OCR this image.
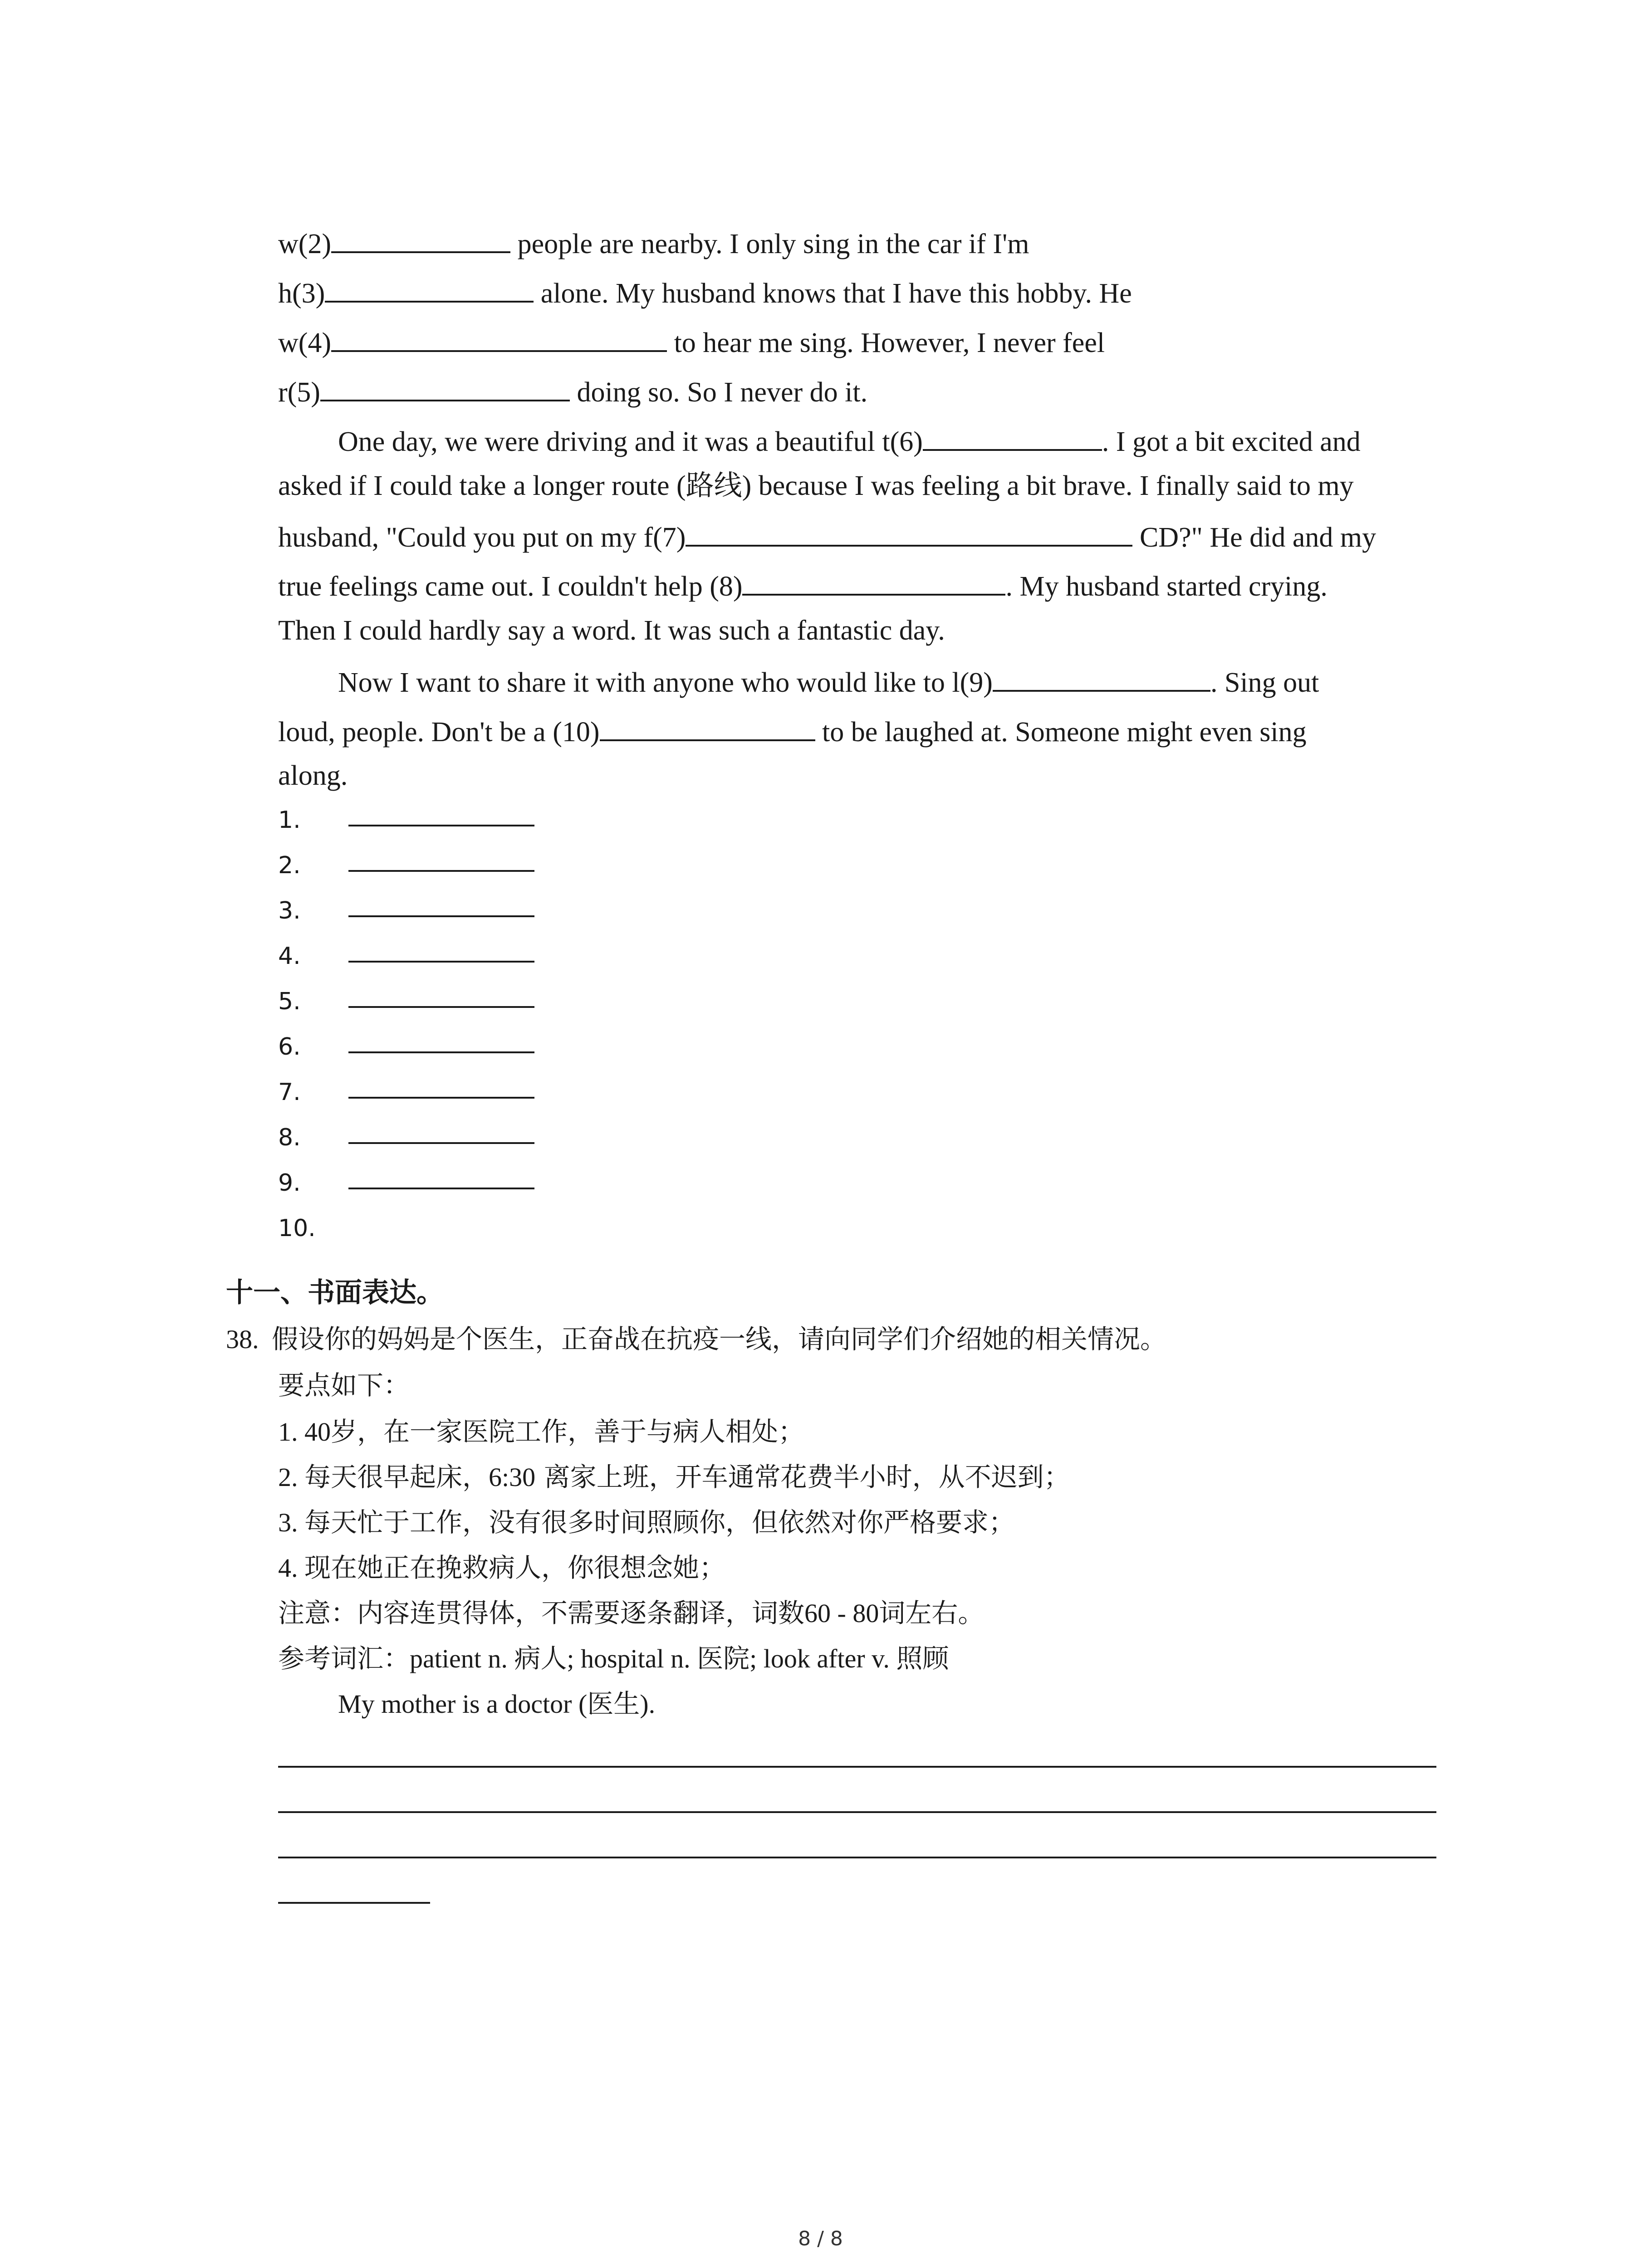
w(2)	people are nearby. I only sing in the car if I'm
h(3)	alone. My husband knows that I have this hobby. He
w(4)	to hear me sing. However, I never feel
r(5)	doing so. So I never do it.
One day, we were driving and it was a beautiful t(6)	. I got a bit excited and
asked if I could take a longer route (路线) because I was feeling a bit brave. I finally said to my
husband, "Could you put on my f(7)	CD?" He did and my
true feelings came out. I couldn't help (8)	. My husband started crying.
Then I could hardly say a word. It was such a fantastic day.
Now I want to share it with anyone who would like to l(9)	. Sing out
loud, people. Don't be a (10)	to be laughed at. Someone might even sing
along.
1.
2.
3.
4.
5.
6.
7.
8.
9.
10.
十一、书面表达。
38. 假设你的妈妈是个医生，正奋战在抗疫一线，请向同学们介绍她的相关情况。
要点如下：
1. 40岁，在一家医院工作，善于与病人相处；
2. 每天很早起床，6:30 离家上班，开车通常花费半小时，从不迟到；
3. 每天忙于工作，没有很多时间照顾你，但依然对你严格要求；
4. 现在她正在挽救病人，你很想念她；
注意：内容连贯得体，不需要逐条翻译，词数60 - 80词左右。
参考词汇：patient n. 病人; hospital n. 医院; look after v. 照顾
My mother is a doctor (医生).
8 / 8
